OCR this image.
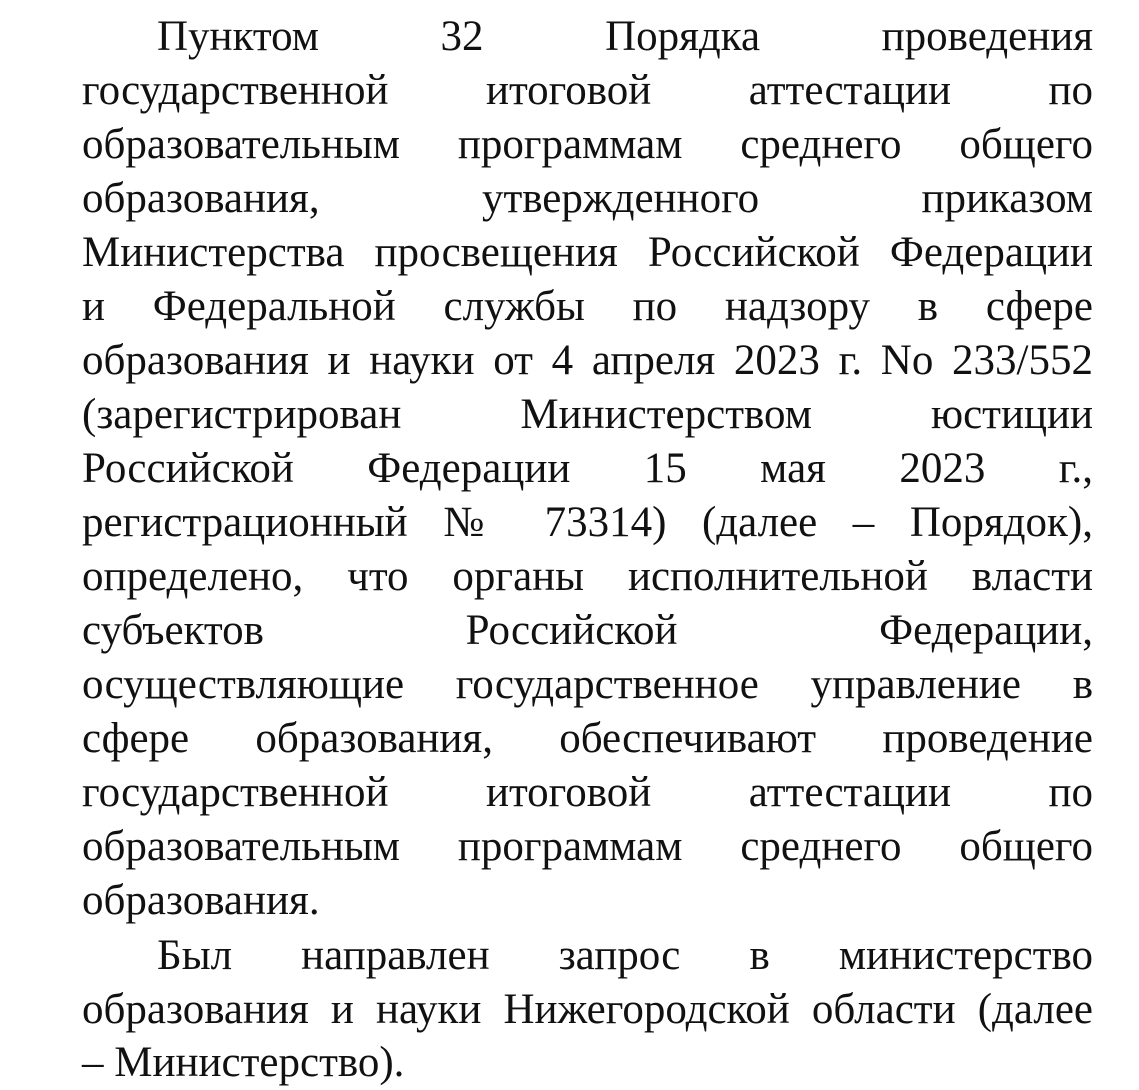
Пунктом 32 Порядка проведения
государственной итоговой аттестации по
образовательным программам среднего общего
образования, утвержденного приказом
Министерства просвещения Российской Федерации
и Федеральной службы по надзору в сфере
образования и науки от 4 апреля 2023 г. No 233/552
(зарегистрирован Министерством юстиции
Российской Федерации 15 мая 2023 г.,
регистрационный № 73314) (далее – Порядок),
определено, что органы исполнительной власти
субъектов Российской Федерации,
осуществляющие государственное управление в
сфере образования, обеспечивают проведение
государственной итоговой аттестации по
образовательным программам среднего общего
образования.
Был направлен запрос в министерство
образования и науки Нижегородской области (далее
– Министерство).
